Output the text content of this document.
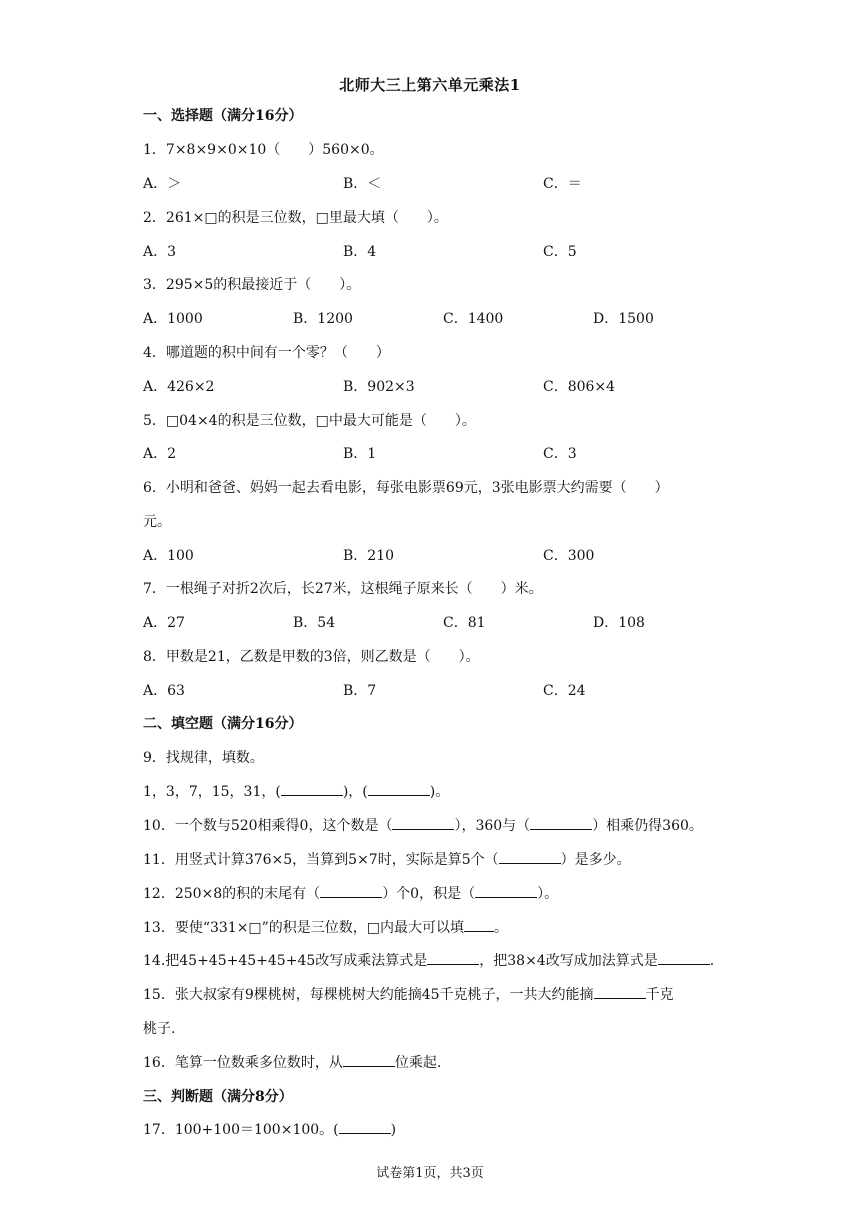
北师大三上第六单元乘法1
一、选择题（满分16分）
1．7×8×9×0×10（　　）560×0。
A．＞	B．＜	C．＝
2．261×□的积是三位数，□里最大填（　　）。
A．3	B．4	C．5
3．295×5的积最接近于（　　）。
A．1000	B．1200	C．1400	D．1500
4．哪道题的积中间有一个零？（　　）
A．426×2	B．902×3	C．806×4
5．□04×4的积是三位数，□中最大可能是（　　）。
A．2	B．1	C．3
6．小明和爸爸、妈妈一起去看电影，每张电影票69元，3张电影票大约需要（　　）
元。
A．100	B．210	C．300
7．一根绳子对折2次后，长27米，这根绳子原来长（　　）米。
A．27	B．54	C．81	D．108
8．甲数是21，乙数是甲数的3倍，则乙数是（　　）。
A．63	B．7	C．24
二、填空题（满分16分）
9．找规律，填数。
1，3，7，15，31，(	)，(	)。
10．一个数与520相乘得0，这个数是（	），360与（	）相乘仍得360。
11．用竖式计算376×5，当算到5×7时，实际是算5个（	）是多少。
12．250×8的积的末尾有（	）个0，积是（	）。
13．要使“331×□”的积是三位数，□内最大可以填 。
14.把45+45+45+45+45改写成乘法算式是	，把38×4改写成加法算式是	.
15．张大叔家有9棵桃树，每棵桃树大约能摘45千克桃子，一共大约能摘	千克
桃子.
16．笔算一位数乘多位数时，从	位乘起.
三、判断题（满分8分）
17．100+100＝100×100。(	)
试卷第1页，共3页
